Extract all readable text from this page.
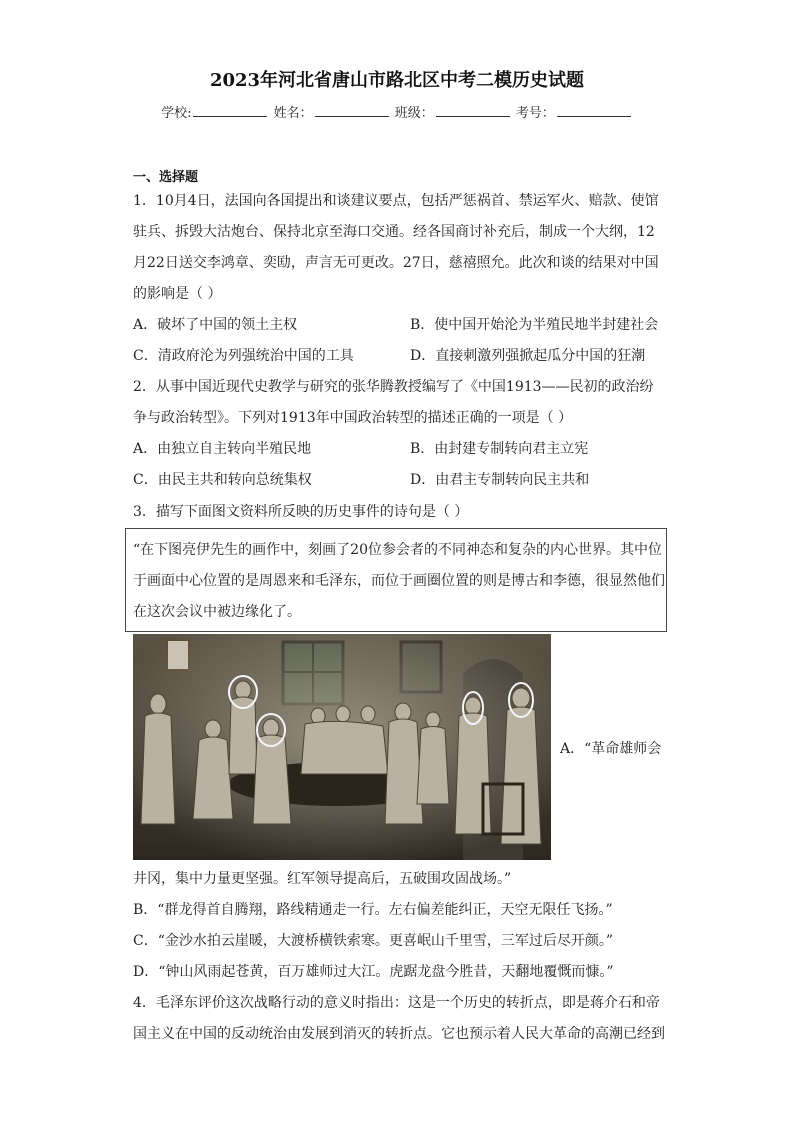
2023年河北省唐山市路北区中考二模历史试题
学校:	姓名：	班级：	考号：
一、选择题
1．10月4日，法国向各国提出和谈建议要点，包括严惩祸首、禁运军火、赔款、使馆
驻兵、拆毁大沽炮台、保持北京至海口交通。经各国商讨补充后，制成一个大纲，12
月22日送交李鸿章、奕劻，声言无可更改。27日，慈禧照允。此次和谈的结果对中国
的影响是（ ）
A．破坏了中国的领土主权	B．使中国开始沦为半殖民地半封建社会
C．清政府沦为列强统治中国的工具	D．直接刺激列强掀起瓜分中国的狂潮
2．从事中国近现代史教学与研究的张华腾教授编写了《中国1913——民初的政治纷
争与政治转型》。下列对1913年中国政治转型的描述正确的一项是（ ）
A．由独立自主转向半殖民地	B．由封建专制转向君主立宪
C．由民主共和转向总统集权	D．由君主专制转向民主共和
3．描写下面图文资料所反映的历史事件的诗句是（ ）
“在下图亮伊先生的画作中，刻画了20位参会者的不同神态和复杂的内心世界。其中位
于画面中心位置的是周恩来和毛泽东，而位于画圈位置的则是博古和李德，很显然他们
在这次会议中被边缘化了。
A．“革命雄师会
井冈，集中力量更坚强。红军领导提高后，五破围攻固战场。”
B．“群龙得首自腾翔，路线精通走一行。左右偏差能纠正，天空无限任飞扬。”
C．“金沙水拍云崖暖，大渡桥横铁索寒。更喜岷山千里雪，三军过后尽开颜。”
D．“钟山风雨起苍黄，百万雄师过大江。虎踞龙盘今胜昔，天翻地覆慨而慷。”
4．毛泽东评价这次战略行动的意义时指出：这是一个历史的转折点，即是蒋介石和帝
国主义在中国的反动统治由发展到消灭的转折点。它也预示着人民大革命的高潮已经到
